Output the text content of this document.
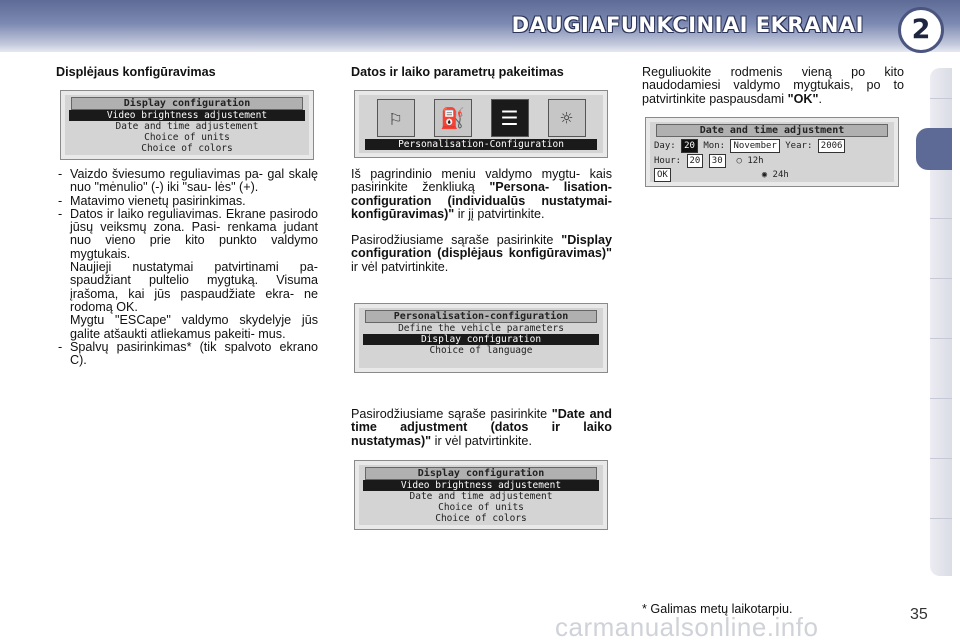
DAUGIAFUNKCINIAI EKRANAI	2

Displėjaus konfigūravimas

Display configuration
Video brightness adjustement
Date and time adjustement
Choice of units
Choice of colors
- Vaizdo šviesumo reguliavimas pa- gal skalę nuo "mėnulio" (-) iki "sau- lės" (+).
- Matavimo vienetų pasirinkimas.
- Datos ir laiko reguliavimas. Ekrane pasirodo jūsų veiksmų zona. Pasi- renkama judant nuo vieno prie kito punkto valdymo mygtukais.
Naujieji nustatymai patvirtinami pa- spaudžiant pultelio mygtuką. Visuma įrašoma, kai jūs paspaudžiate ekra- ne rodomą OK.
Mygtu "ESCape" valdymo skydelyje jūs galite atšaukti atliekamus pakeiti- mus.
- Spalvų pasirinkimas* (tik spalvoto ekrano C).

Datos ir laiko parametrų pakeitimas

⚐	⛽	☰	☼
Personalisation-Configuration

Iš pagrindinio meniu valdymo mygtu- kais pasirinkite ženkliuką "Persona- lisation-configuration (individualūs nustatymai-konfigūravimas)" ir jį patvirtinkite.

Pasirodžiusiame sąraše pasirinkite "Display configuration (displėjaus konfigūravimas)" ir vėl patvirtinkite.

Personalisation-configuration
Define the vehicle parameters
Display configuration
Choice of language

Pasirodžiusiame sąraše pasirinkite "Date and time adjustment (datos ir laiko nustatymas)" ir vėl patvirtinkite.

Display configuration
Video brightness adjustement
Date and time adjustement
Choice of units
Choice of colors

Reguliuokite rodmenis vieną po kito naudodamiesi valdymo mygtukais, po to patvirtinkite paspausdami "OK".

Date and time adjustment
Day: 20 Mon: November Year: 2006
Hour: 20 30 ○ 12h
OK	◉ 24h
carmanualsonline.info
* Galimas metų laikotarpiu.	35
